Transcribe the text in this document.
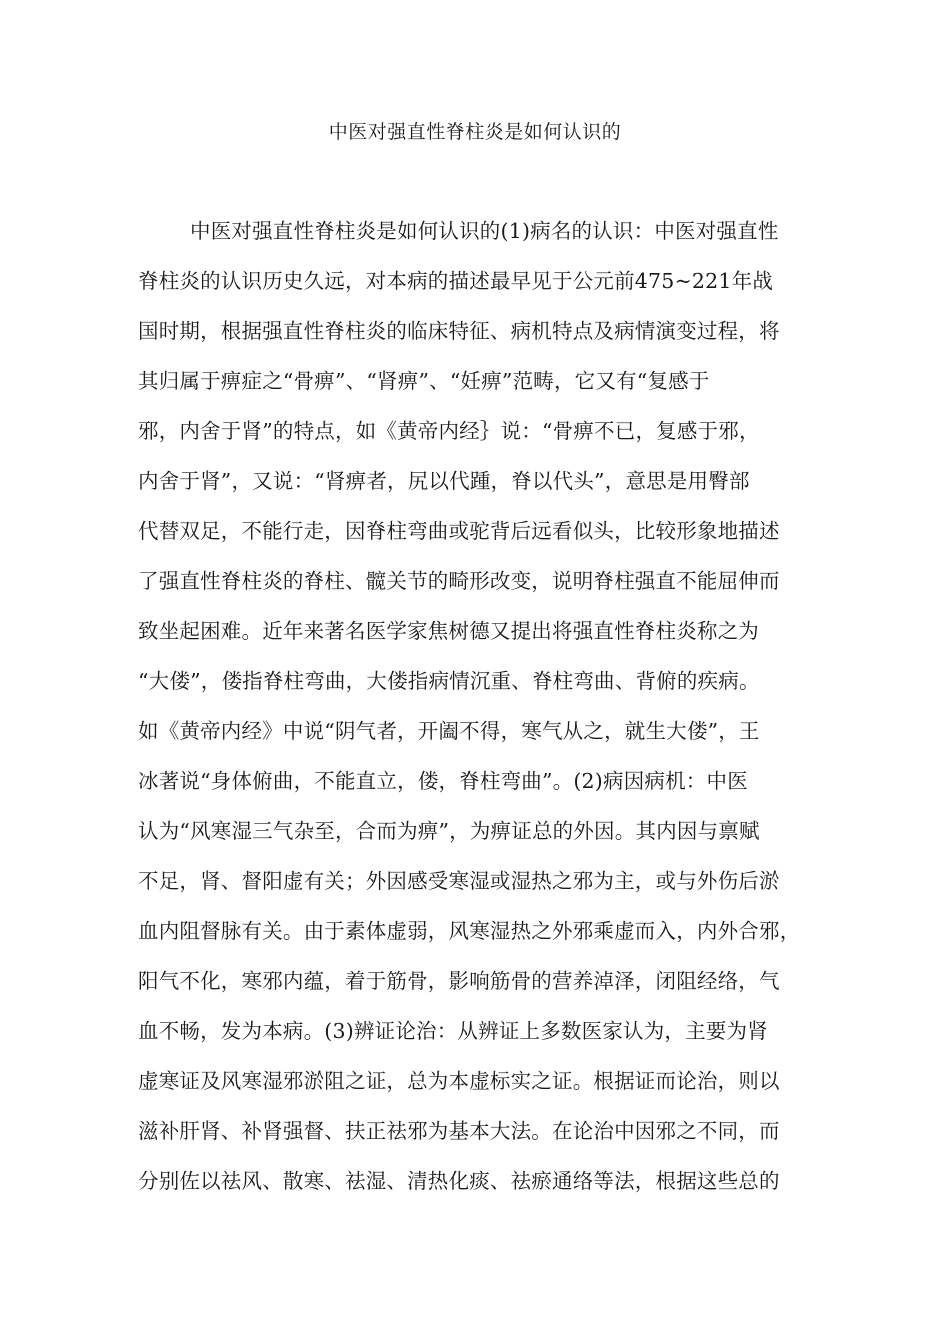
中医对强直性脊柱炎是如何认识的
中医对强直性脊柱炎是如何认识的(1)病名的认识：中医对强直性
脊柱炎的认识历史久远，对本病的描述最早见于公元前475~221年战
国时期，根据强直性脊柱炎的临床特征、病机特点及病情演变过程，将
其归属于痹症之“骨痹”、“肾痹”、“妊痹”范畴，它又有“复感于
邪，内舍于肾”的特点，如《黄帝内经｝说：“骨痹不已，复感于邪，
内舍于肾”，又说：“肾痹者，尻以代踵，脊以代头”，意思是用臀部
代替双足，不能行走，因脊柱弯曲或驼背后远看似头，比较形象地描述
了强直性脊柱炎的脊柱、髋关节的畸形改变，说明脊柱强直不能屈伸而
致坐起困难。近年来著名医学家焦树德又提出将强直性脊柱炎称之为
“大偻”，偻指脊柱弯曲，大偻指病情沉重、脊柱弯曲、背俯的疾病。
如《黄帝内经》中说“阴气者，开阖不得，寒气从之，就生大偻”，王
冰著说“身体俯曲，不能直立，偻，脊柱弯曲”。(2)病因病机：中医
认为“风寒湿三气杂至，合而为痹”，为痹证总的外因。其内因与禀赋
不足，肾、督阳虚有关；外因感受寒湿或湿热之邪为主，或与外伤后淤
血内阻督脉有关。由于素体虚弱，风寒湿热之外邪乘虚而入，内外合邪，
阳气不化，寒邪内蕴，着于筋骨，影响筋骨的营养淖泽，闭阻经络，气
血不畅，发为本病。(3)辨证论治：从辨证上多数医家认为，主要为肾
虚寒证及风寒湿邪淤阻之证，总为本虚标实之证。根据证而论治，则以
滋补肝肾、补肾强督、扶正祛邪为基本大法。在论治中因邪之不同，而
分别佐以祛风、散寒、祛湿、清热化痰、祛瘀通络等法，根据这些总的
